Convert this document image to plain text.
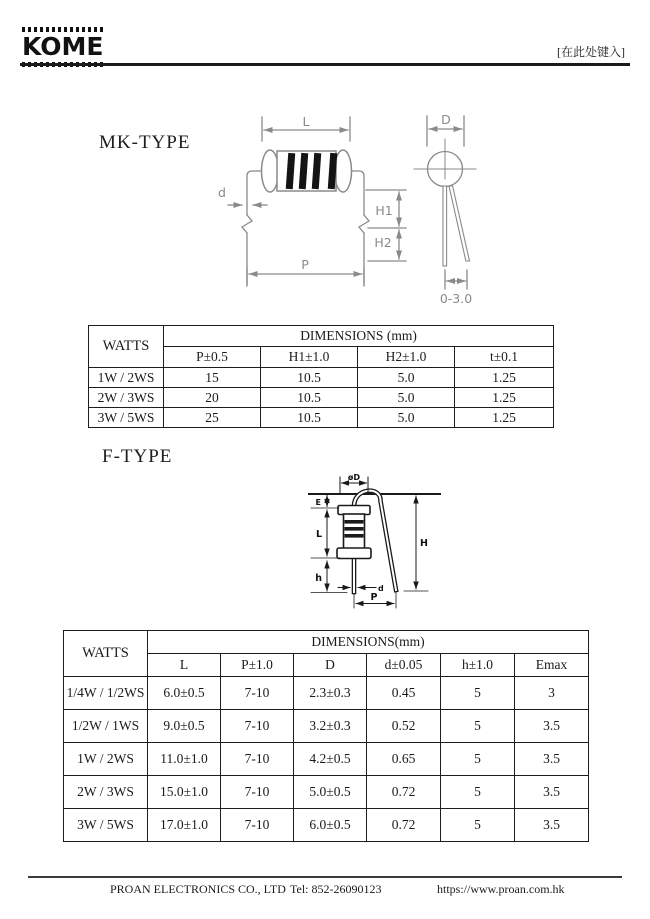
KOME	[在此处键入]
MK-TYPE
L
d
H1
H2
P
D
0-3.0
WATTS	DIMENSIONS (mm)			
	P±0.5	H1±1.0	H2±1.0	t±0.1
1W / 2WS	15	10.5	5.0	1.25
2W / 3WS	20	10.5	5.0	1.25
3W / 5WS	25	10.5	5.0	1.25
F-TYPE
øD
E
L
h
H
d
P
WATTS	DIMENSIONS(mm)					
	L	P±1.0	D	d±0.05	h±1.0	Emax
1/4W / 1/2WS	6.0±0.5	7-10	2.3±0.3	0.45	5	3
1/2W / 1WS	9.0±0.5	7-10	3.2±0.3	0.52	5	3.5
1W / 2WS	11.0±1.0	7-10	4.2±0.5	0.65	5	3.5
2W / 3WS	15.0±1.0	7-10	5.0±0.5	0.72	5	3.5
3W / 5WS	17.0±1.0	7-10	6.0±0.5	0.72	5	3.5
PROAN ELECTRONICS CO., LTD Tel: 852-26090123	https://www.proan.com.hk
